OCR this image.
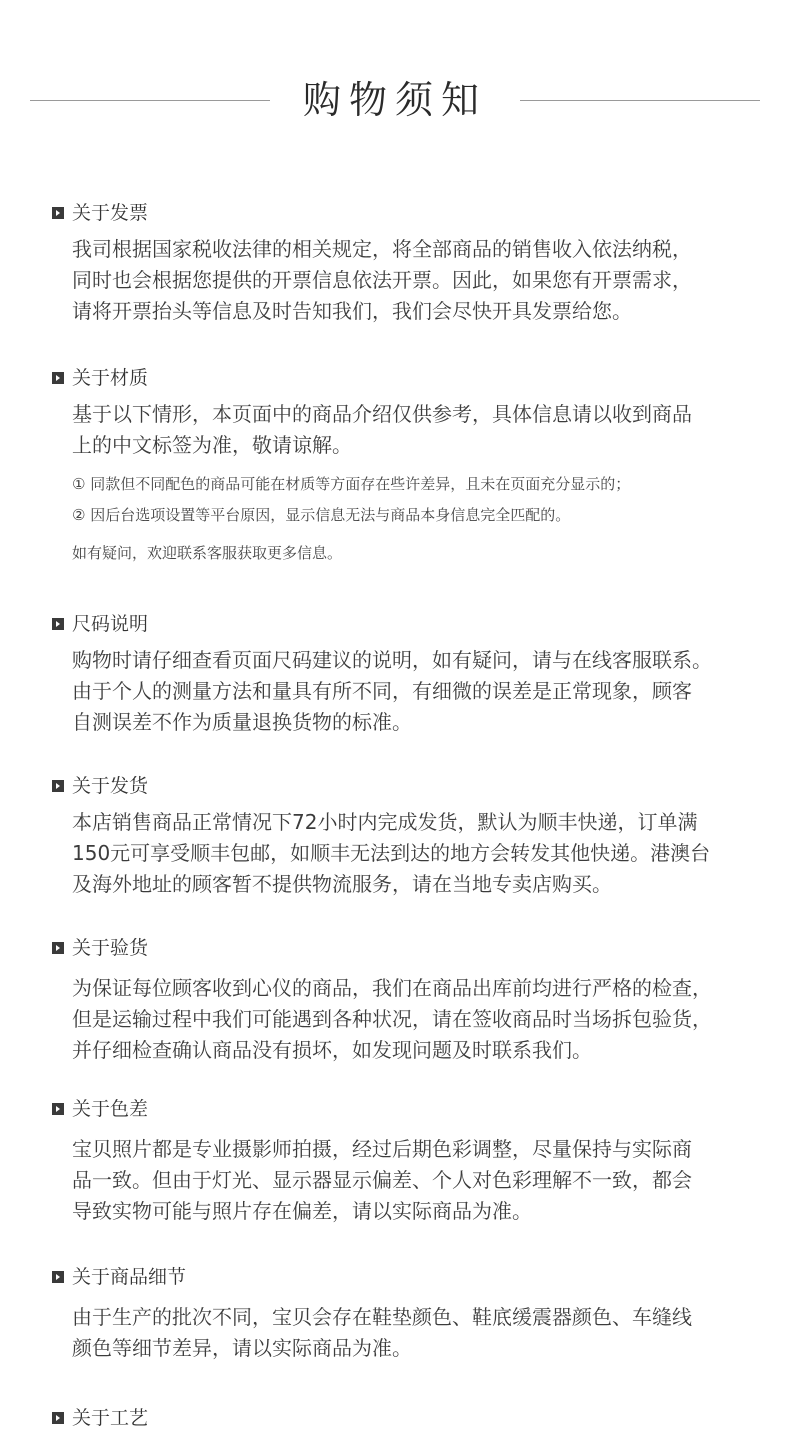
购物须知
关于发票
我司根据国家税收法律的相关规定，将全部商品的销售收入依法纳税，
同时也会根据您提供的开票信息依法开票。因此，如果您有开票需求，
请将开票抬头等信息及时告知我们，我们会尽快开具发票给您。
关于材质
基于以下情形，本页面中的商品介绍仅供参考，具体信息请以收到商品
上的中文标签为准，敬请谅解。
① 同款但不同配色的商品可能在材质等方面存在些许差异，且未在页面充分显示的；
② 因后台选项设置等平台原因，显示信息无法与商品本身信息完全匹配的。
如有疑问，欢迎联系客服获取更多信息。
尺码说明
购物时请仔细查看页面尺码建议的说明，如有疑问，请与在线客服联系。
由于个人的测量方法和量具有所不同，有细微的误差是正常现象，顾客
自测误差不作为质量退换货物的标准。
关于发货
本店销售商品正常情况下72小时内完成发货，默认为顺丰快递，订单满
150元可享受顺丰包邮，如顺丰无法到达的地方会转发其他快递。港澳台
及海外地址的顾客暂不提供物流服务，请在当地专卖店购买。
关于验货
为保证每位顾客收到心仪的商品，我们在商品出库前均进行严格的检查，
但是运输过程中我们可能遇到各种状况，请在签收商品时当场拆包验货，
并仔细检查确认商品没有损坏，如发现问题及时联系我们。
关于色差
宝贝照片都是专业摄影师拍摄，经过后期色彩调整，尽量保持与实际商
品一致。但由于灯光、显示器显示偏差、个人对色彩理解不一致，都会
导致实物可能与照片存在偏差，请以实际商品为准。
关于商品细节
由于生产的批次不同，宝贝会存在鞋垫颜色、鞋底缓震器颜色、车缝线
颜色等细节差异，请以实际商品为准。
关于工艺
